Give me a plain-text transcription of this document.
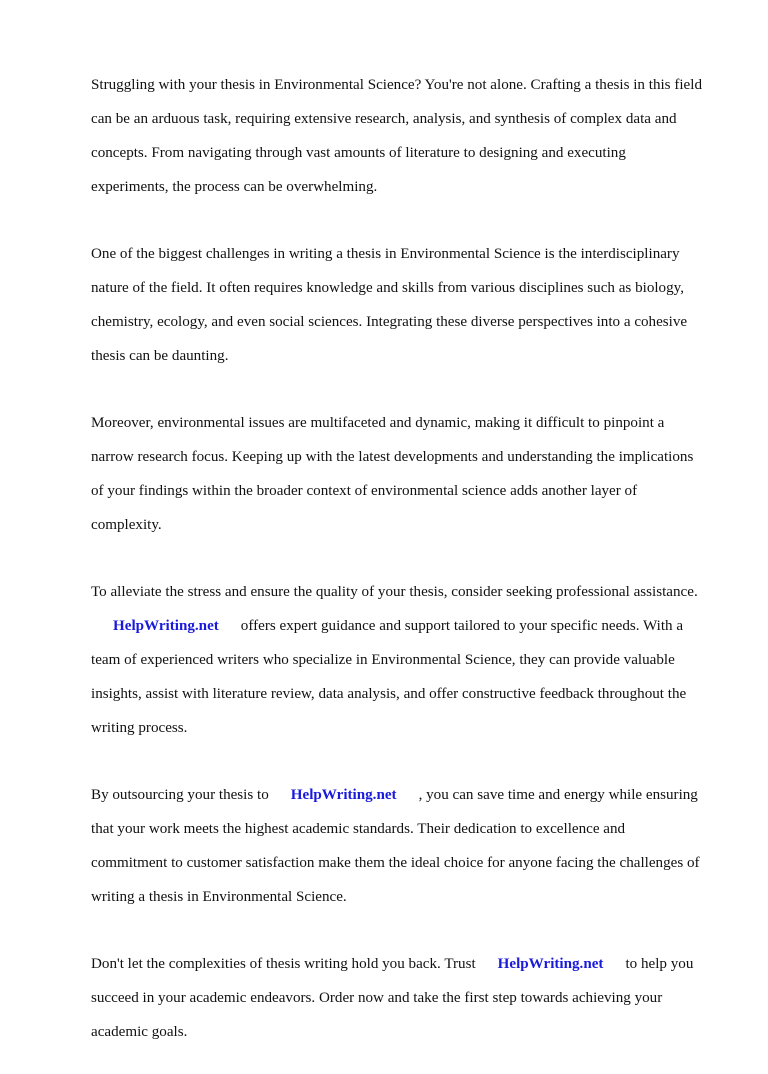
Struggling with your thesis in Environmental Science? You're not alone. Crafting a thesis in this field

can be an arduous task, requiring extensive research, analysis, and synthesis of complex data and

concepts. From navigating through vast amounts of literature to designing and executing

experiments, the process can be overwhelming.

One of the biggest challenges in writing a thesis in Environmental Science is the interdisciplinary

nature of the field. It often requires knowledge and skills from various disciplines such as biology,

chemistry, ecology, and even social sciences. Integrating these diverse perspectives into a cohesive

thesis can be daunting.

Moreover, environmental issues are multifaceted and dynamic, making it difficult to pinpoint a

narrow research focus. Keeping up with the latest developments and understanding the implications

of your findings within the broader context of environmental science adds another layer of

complexity.

To alleviate the stress and ensure the quality of your thesis, consider seeking professional assistance.

HelpWriting.net offers expert guidance and support tailored to your specific needs. With a

team of experienced writers who specialize in Environmental Science, they can provide valuable

insights, assist with literature review, data analysis, and offer constructive feedback throughout the

writing process.

By outsourcing your thesis to HelpWriting.net , you can save time and energy while ensuring

that your work meets the highest academic standards. Their dedication to excellence and

commitment to customer satisfaction make them the ideal choice for anyone facing the challenges of

writing a thesis in Environmental Science.

Don't let the complexities of thesis writing hold you back. Trust HelpWriting.net to help you

succeed in your academic endeavors. Order now and take the first step towards achieving your

academic goals.
